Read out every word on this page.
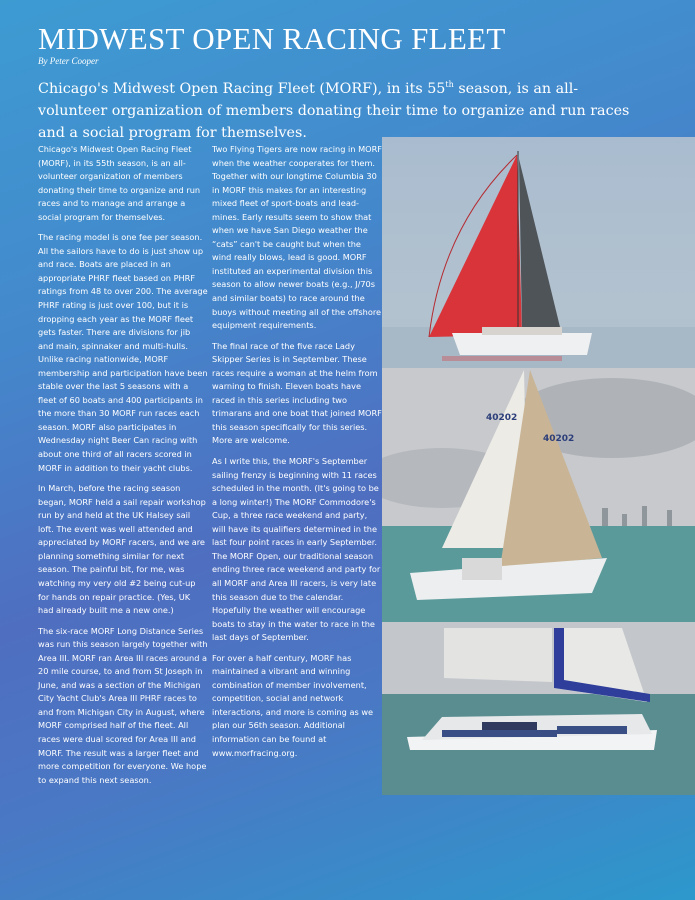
MIDWEST OPEN RACING FLEET
By Peter Cooper
Chicago's Midwest Open Racing Fleet (MORF), in its 55th season, is an all-volunteer organization of members donating their time to organize and run races and a social program for themselves.

Chicago's Midwest Open Racing Fleet (MORF), in its 55th season, is an all-volunteer organization of members donating their time to organize and run races and to manage and arrange a social program for themselves.

The racing model is one fee per season. All the sailors have to do is just show up and race. Boats are placed in an appropriate PHRF fleet based on PHRF ratings from 48 to over 200. The average PHRF rating is just over 100, but it is dropping each year as the MORF fleet gets faster. There are divisions for jib and main, spinnaker and multi-hulls. Unlike racing nationwide, MORF membership and participation have been stable over the last 5 seasons with a fleet of 60 boats and 400 participants in the more than 30 MORF run races each season. MORF also participates in Wednesday night Beer Can racing with about one third of all racers scored in MORF in addition to their yacht clubs.

In March, before the racing season began, MORF held a sail repair workshop run by and held at the UK Halsey sail loft. The event was well attended and appreciated by MORF racers, and we are planning something similar for next season. The painful bit, for me, was watching my very old #2 being cut-up for hands on repair practice. (Yes, UK had already built me a new one.)

The six-race MORF Long Distance Series was run this season largely together with Area III. MORF ran Area III races around a 20 mile course, to and from St Joseph in June, and was a section of the Michigan City Yacht Club's Area III PHRF races to and from Michigan City in August, where MORF comprised half of the fleet. All races were dual scored for Area III and MORF. The result was a larger fleet and more competition for everyone. We hope to expand this next season.

Two Flying Tigers are now racing in MORF when the weather cooperates for them. Together with our longtime Columbia 30 in MORF this makes for an interesting mixed fleet of sport-boats and lead-mines. Early results seem to show that when we have San Diego weather the “cats” can't be caught but when the wind really blows, lead is good. MORF instituted an experimental division this season to allow newer boats (e.g., J/70s and similar boats) to race around the buoys without meeting all of the offshore equipment requirements.

The final race of the five race Lady Skipper Series is in September. These races require a woman at the helm from warning to finish. Eleven boats have raced in this series including two trimarans and one boat that joined MORF this season specifically for this series. More are welcome.

As I write this, the MORF's September sailing frenzy is beginning with 11 races scheduled in the month. (It's going to be a long winter!) The MORF Commodore's Cup, a three race weekend and party, will have its qualifiers determined in the last four point races in early September. The MORF Open, our traditional season ending three race weekend and party for all MORF and Area III racers, is very late this season due to the calendar. Hopefully the weather will encourage boats to stay in the water to race in the last days of September.

For over a half century, MORF has maintained a vibrant and winning combination of member involvement, competition, social and network interactions, and more is coming as we plan our 56th season. Additional information can be found at www.morfracing.org.

40202
40202
